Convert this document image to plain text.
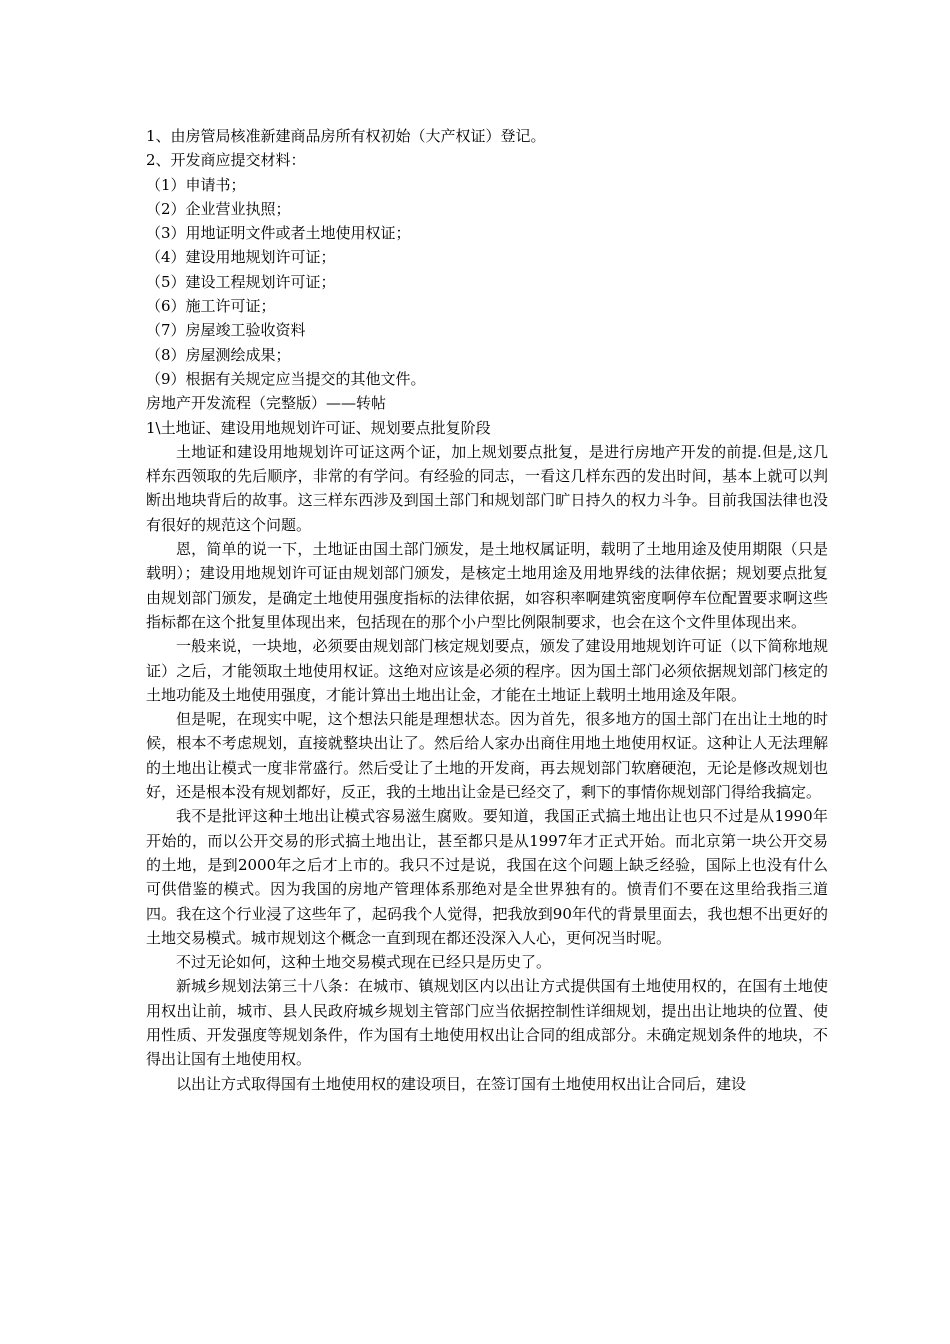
1、由房管局核准新建商品房所有权初始（大产权证）登记。

2、开发商应提交材料：

（1）申请书；

（2）企业营业执照；

（3）用地证明文件或者土地使用权证；

（4）建设用地规划许可证；

（5）建设工程规划许可证；

（6）施工许可证；

（7）房屋竣工验收资料

（8）房屋测绘成果；

（9）根据有关规定应当提交的其他文件。

房地产开发流程（完整版）——转帖

1\土地证、建设用地规划许可证、规划要点批复阶段

土地证和建设用地规划许可证这两个证，加上规划要点批复，是进行房地产开发的前提.但是,这几样东西领取的先后顺序，非常的有学问。有经验的同志，一看这几样东西的发出时间，基本上就可以判断出地块背后的故事。这三样东西涉及到国土部门和规划部门旷日持久的权力斗争。目前我国法律也没有很好的规范这个问题。

恩，简单的说一下，土地证由国土部门颁发，是土地权属证明，载明了土地用途及使用期限（只是载明）；建设用地规划许可证由规划部门颁发，是核定土地用途及用地界线的法律依据；规划要点批复由规划部门颁发，是确定土地使用强度指标的法律依据，如容积率啊建筑密度啊停车位配置要求啊这些指标都在这个批复里体现出来，包括现在的那个小户型比例限制要求，也会在这个文件里体现出来。

一般来说，一块地，必须要由规划部门核定规划要点，颁发了建设用地规划许可证（以下简称地规证）之后，才能领取土地使用权证。这绝对应该是必须的程序。因为国土部门必须依据规划部门核定的土地功能及土地使用强度，才能计算出土地出让金，才能在土地证上载明土地用途及年限。

但是呢，在现实中呢，这个想法只能是理想状态。因为首先，很多地方的国土部门在出让土地的时候，根本不考虑规划，直接就整块出让了。然后给人家办出商住用地土地使用权证。这种让人无法理解的土地出让模式一度非常盛行。然后受让了土地的开发商，再去规划部门软磨硬泡，无论是修改规划也好，还是根本没有规划都好，反正，我的土地出让金是已经交了，剩下的事情你规划部门得给我搞定。

我不是批评这种土地出让模式容易滋生腐败。要知道，我国正式搞土地出让也只不过是从1990年开始的，而以公开交易的形式搞土地出让，甚至都只是从1997年才正式开始。而北京第一块公开交易的土地，是到2000年之后才上市的。我只不过是说，我国在这个问题上缺乏经验，国际上也没有什么可供借鉴的模式。因为我国的房地产管理体系那绝对是全世界独有的。愤青们不要在这里给我指三道四。我在这个行业浸了这些年了，起码我个人觉得，把我放到90年代的背景里面去，我也想不出更好的土地交易模式。城市规划这个概念一直到现在都还没深入人心，更何况当时呢。

不过无论如何，这种土地交易模式现在已经只是历史了。

新城乡规划法第三十八条：在城市、镇规划区内以出让方式提供国有土地使用权的，在国有土地使用权出让前，城市、县人民政府城乡规划主管部门应当依据控制性详细规划，提出出让地块的位置、使用性质、开发强度等规划条件，作为国有土地使用权出让合同的组成部分。未确定规划条件的地块，不得出让国有土地使用权。

以出让方式取得国有土地使用权的建设项目，在签订国有土地使用权出让合同后，建设
